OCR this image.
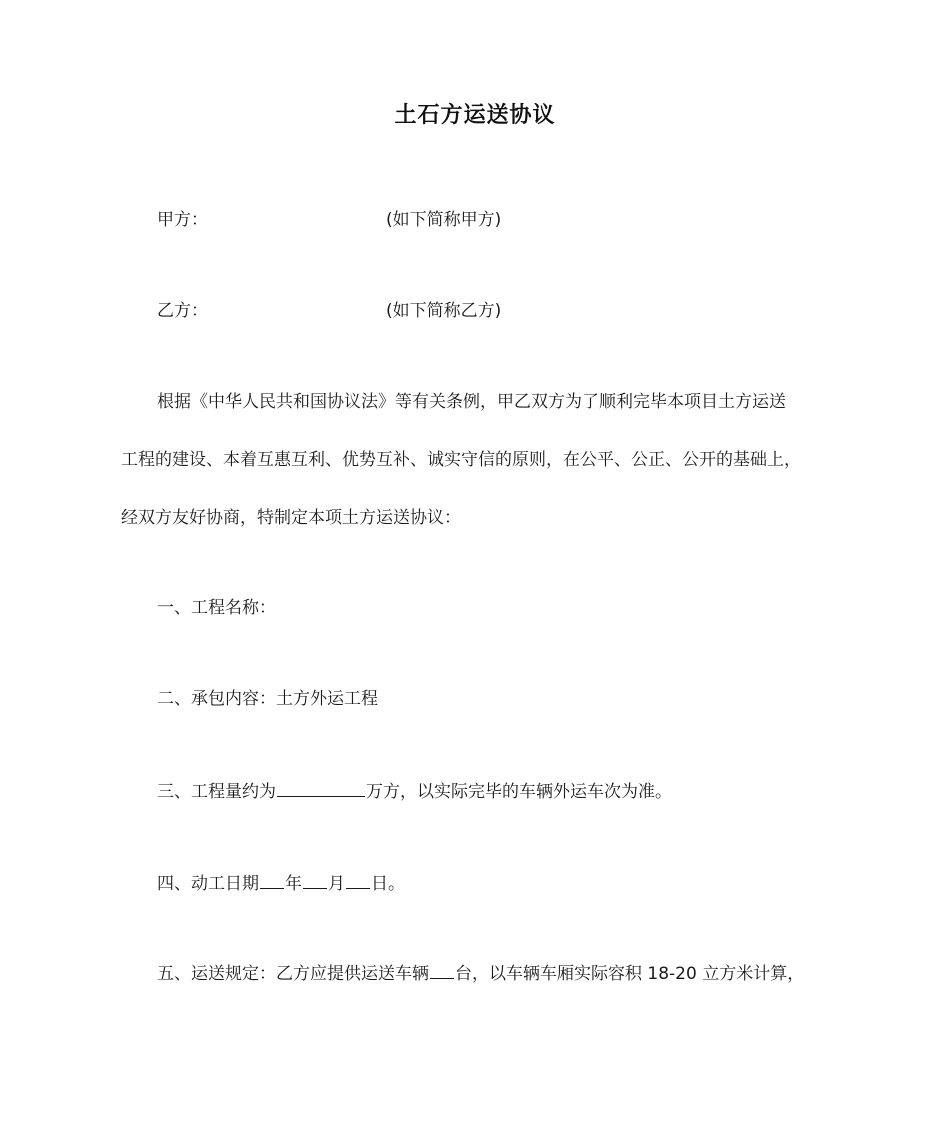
土石方运送协议
甲方：	(如下简称甲方)
乙方：	(如下简称乙方)
根据《中华人民共和国协议法》等有关条例，甲乙双方为了顺利完毕本项目土方运送
工程的建设、本着互惠互利、优势互补、诚实守信的原则，在公平、公正、公开的基础上，
经双方友好协商，特制定本项土方运送协议：
一、工程名称：
二、承包内容：土方外运工程
三、工程量约为	万方，以实际完毕的车辆外运车次为准。
四、动工日期 年 月 日。
五、运送规定：乙方应提供运送车辆 台，以车辆车厢实际容积 18-20 立方米计算，
